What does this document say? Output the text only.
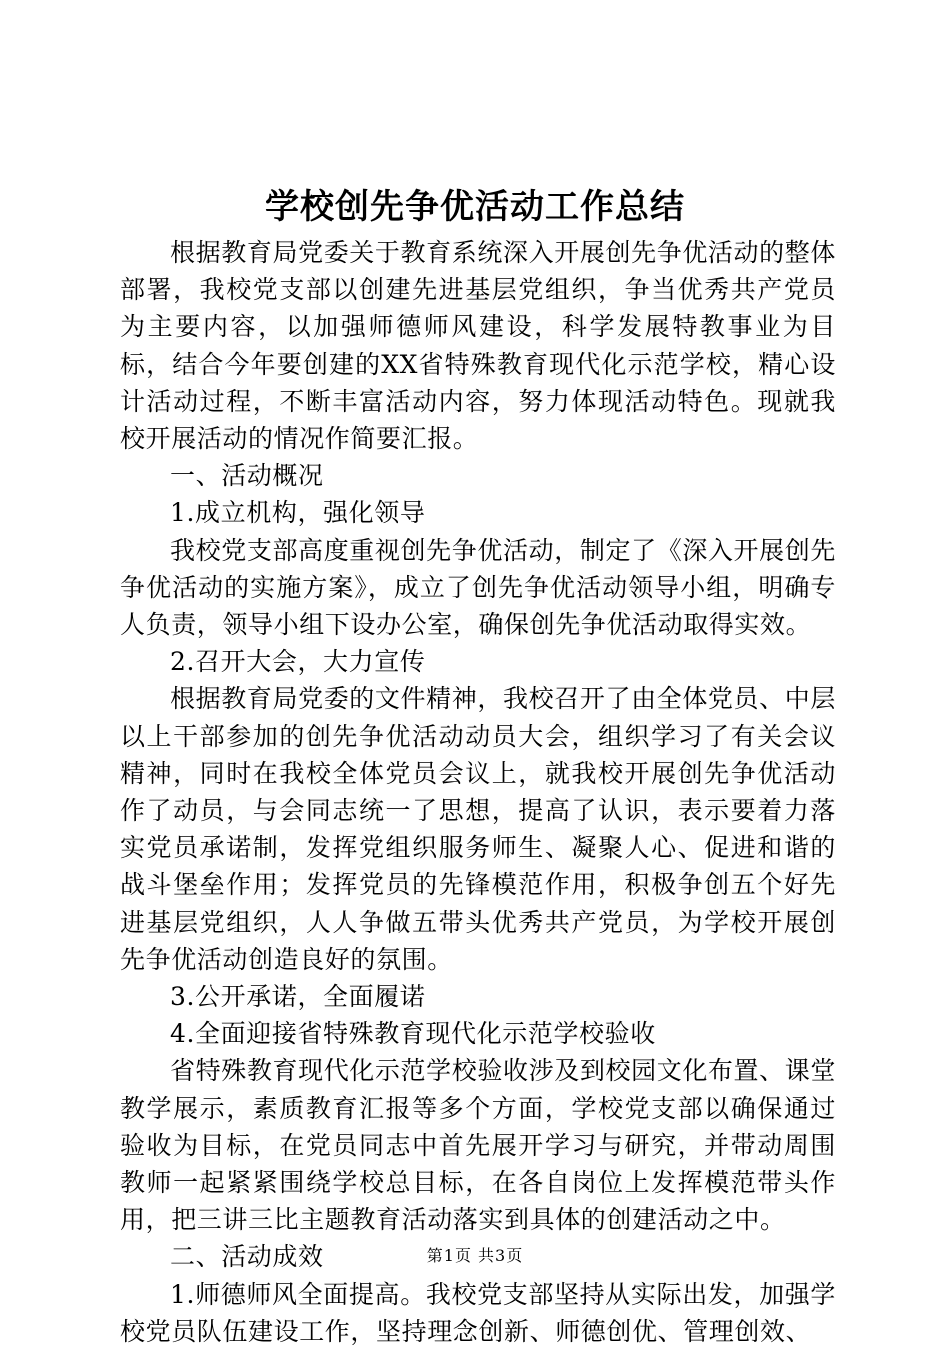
学校创先争优活动工作总结

根据教育局党委关于教育系统深入开展创先争优活动的整体部署，我校党支部以创建先进基层党组织，争当优秀共产党员为主要内容，以加强师德师风建设，科学发展特教事业为目标，结合今年要创建的XX省特殊教育现代化示范学校，精心设计活动过程，不断丰富活动内容，努力体现活动特色。现就我校开展活动的情况作简要汇报。

一、活动概况

1.成立机构，强化领导

我校党支部高度重视创先争优活动，制定了《深入开展创先争优活动的实施方案》，成立了创先争优活动领导小组，明确专人负责，领导小组下设办公室，确保创先争优活动取得实效。

2.召开大会，大力宣传

根据教育局党委的文件精神，我校召开了由全体党员、中层以上干部参加的创先争优活动动员大会，组织学习了有关会议精神，同时在我校全体党员会议上，就我校开展创先争优活动作了动员，与会同志统一了思想，提高了认识，表示要着力落实党员承诺制，发挥党组织服务师生、凝聚人心、促进和谐的战斗堡垒作用；发挥党员的先锋模范作用，积极争创五个好先进基层党组织，人人争做五带头优秀共产党员，为学校开展创先争优活动创造良好的氛围。

3.公开承诺，全面履诺

4.全面迎接省特殊教育现代化示范学校验收

省特殊教育现代化示范学校验收涉及到校园文化布置、课堂教学展示，素质教育汇报等多个方面，学校党支部以确保通过验收为目标，在党员同志中首先展开学习与研究，并带动周围教师一起紧紧围绕学校总目标，在各自岗位上发挥模范带头作用，把三讲三比主题教育活动落实到具体的创建活动之中。

二、活动成效

1.师德师风全面提高。我校党支部坚持从实际出发，加强学校党员队伍建设工作，坚持理念创新、师德创优、管理创效、

第1页 共3页
